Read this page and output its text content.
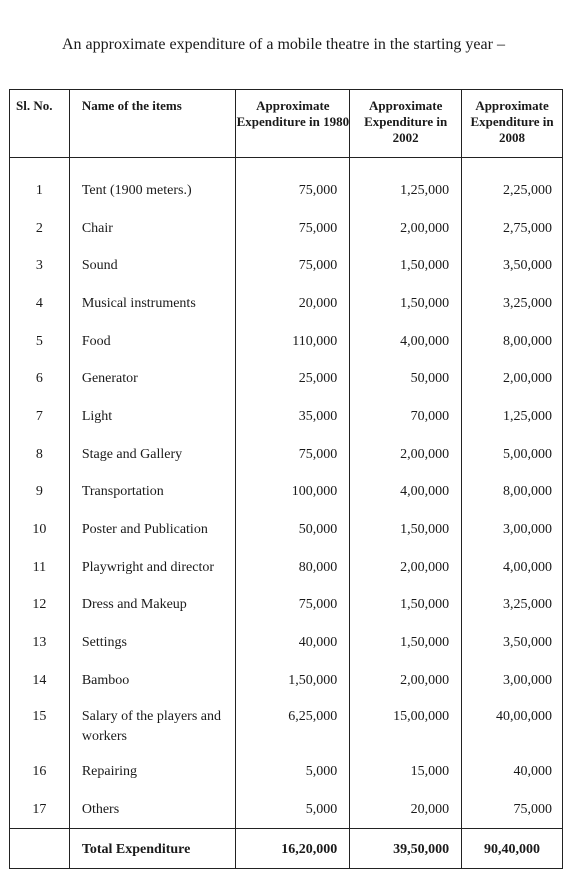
An approximate expenditure of a mobile theatre in the starting year –

Sl. No.	Name of the items	Approximate Expenditure in 1980	Approximate Expenditure in 2002	Approximate Expenditure in 2008
1	Tent (1900 meters.)	75,000	1,25,000	2,25,000
2	Chair	75,000	2,00,000	2,75,000
3	Sound	75,000	1,50,000	3,50,000
4	Musical instruments	20,000	1,50,000	3,25,000
5	Food	110,000	4,00,000	8,00,000
6	Generator	25,000	50,000	2,00,000
7	Light	35,000	70,000	1,25,000
8	Stage and Gallery	75,000	2,00,000	5,00,000
9	Transportation	100,000	4,00,000	8,00,000
10	Poster and Publication	50,000	1,50,000	3,00,000
11	Playwright and director	80,000	2,00,000	4,00,000
12	Dress and Makeup	75,000	1,50,000	3,25,000
13	Settings	40,000	1,50,000	3,50,000
14	Bamboo	1,50,000	2,00,000	3,00,000
15	Salary of the players and workers	6,25,000	15,00,000	40,00,000
16	Repairing	5,000	15,000	40,000
17	Others	5,000	20,000	75,000
	Total Expenditure	16,20,000	39,50,000	90,40,000
